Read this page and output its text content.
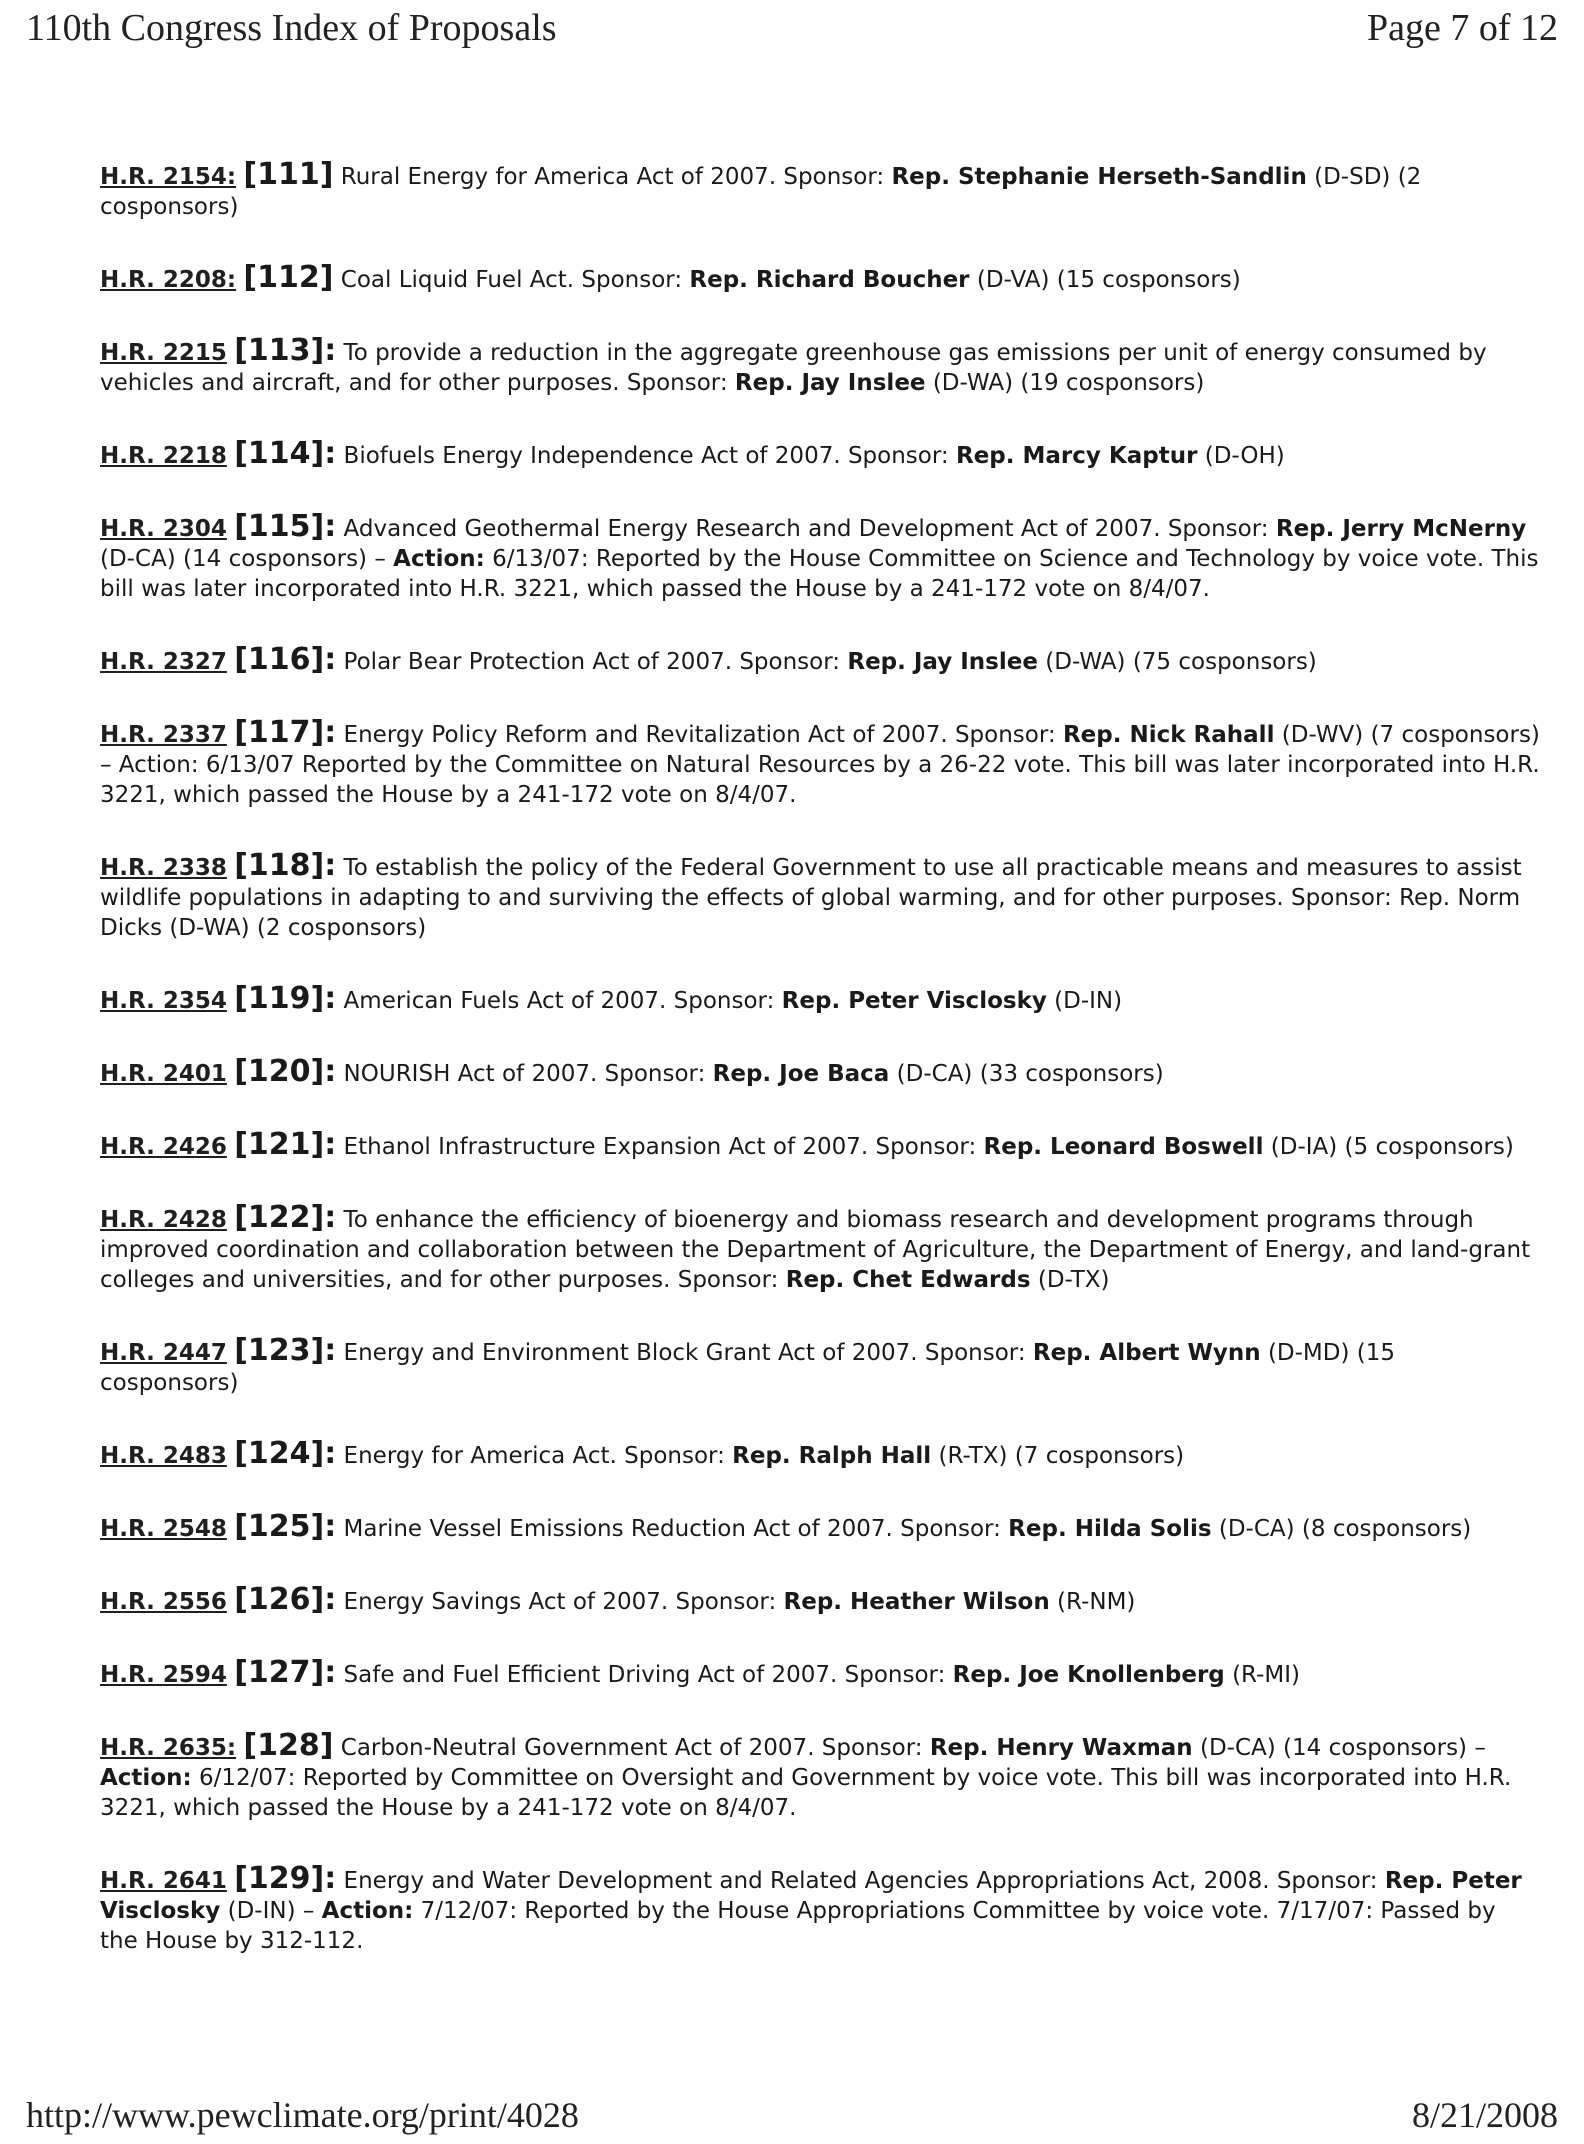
110th Congress Index of Proposals	Page 7 of 12

H.R. 2154: [111] Rural Energy for America Act of 2007. Sponsor: Rep. Stephanie Herseth-Sandlin (D-SD) (2 cosponsors)

H.R. 2208: [112] Coal Liquid Fuel Act. Sponsor: Rep. Richard Boucher (D-VA) (15 cosponsors)

H.R. 2215 [113]: To provide a reduction in the aggregate greenhouse gas emissions per unit of energy consumed by vehicles and aircraft, and for other purposes. Sponsor: Rep. Jay Inslee (D-WA) (19 cosponsors)

H.R. 2218 [114]: Biofuels Energy Independence Act of 2007. Sponsor: Rep. Marcy Kaptur (D-OH)

H.R. 2304 [115]: Advanced Geothermal Energy Research and Development Act of 2007. Sponsor: Rep. Jerry McNerny (D-CA) (14 cosponsors) – Action: 6/13/07: Reported by the House Committee on Science and Technology by voice vote. This bill was later incorporated into H.R. 3221, which passed the House by a 241-172 vote on 8/4/07.

H.R. 2327 [116]: Polar Bear Protection Act of 2007. Sponsor: Rep. Jay Inslee (D-WA) (75 cosponsors)

H.R. 2337 [117]: Energy Policy Reform and Revitalization Act of 2007. Sponsor: Rep. Nick Rahall (D-WV) (7 cosponsors) – Action: 6/13/07 Reported by the Committee on Natural Resources by a 26-22 vote. This bill was later incorporated into H.R. 3221, which passed the House by a 241-172 vote on 8/4/07.

H.R. 2338 [118]: To establish the policy of the Federal Government to use all practicable means and measures to assist wildlife populations in adapting to and surviving the effects of global warming, and for other purposes. Sponsor: Rep. Norm Dicks (D-WA) (2 cosponsors)

H.R. 2354 [119]: American Fuels Act of 2007. Sponsor: Rep. Peter Visclosky (D-IN)

H.R. 2401 [120]: NOURISH Act of 2007. Sponsor: Rep. Joe Baca (D-CA) (33 cosponsors)

H.R. 2426 [121]: Ethanol Infrastructure Expansion Act of 2007. Sponsor: Rep. Leonard Boswell (D-IA) (5 cosponsors)

H.R. 2428 [122]: To enhance the efficiency of bioenergy and biomass research and development programs through improved coordination and collaboration between the Department of Agriculture, the Department of Energy, and land-grant colleges and universities, and for other purposes. Sponsor: Rep. Chet Edwards (D-TX)

H.R. 2447 [123]: Energy and Environment Block Grant Act of 2007. Sponsor: Rep. Albert Wynn (D-MD) (15 cosponsors)

H.R. 2483 [124]: Energy for America Act. Sponsor: Rep. Ralph Hall (R-TX) (7 cosponsors)

H.R. 2548 [125]: Marine Vessel Emissions Reduction Act of 2007. Sponsor: Rep. Hilda Solis (D-CA) (8 cosponsors)

H.R. 2556 [126]: Energy Savings Act of 2007. Sponsor: Rep. Heather Wilson (R-NM)

H.R. 2594 [127]: Safe and Fuel Efficient Driving Act of 2007. Sponsor: Rep. Joe Knollenberg (R-MI)

H.R. 2635: [128] Carbon-Neutral Government Act of 2007. Sponsor: Rep. Henry Waxman (D-CA) (14 cosponsors) – Action: 6/12/07: Reported by Committee on Oversight and Government by voice vote. This bill was incorporated into H.R. 3221, which passed the House by a 241-172 vote on 8/4/07.

H.R. 2641 [129]: Energy and Water Development and Related Agencies Appropriations Act, 2008. Sponsor: Rep. Peter Visclosky (D-IN) – Action: 7/12/07: Reported by the House Appropriations Committee by voice vote. 7/17/07: Passed by the House by 312-112.

http://www.pewclimate.org/print/4028	8/21/2008
